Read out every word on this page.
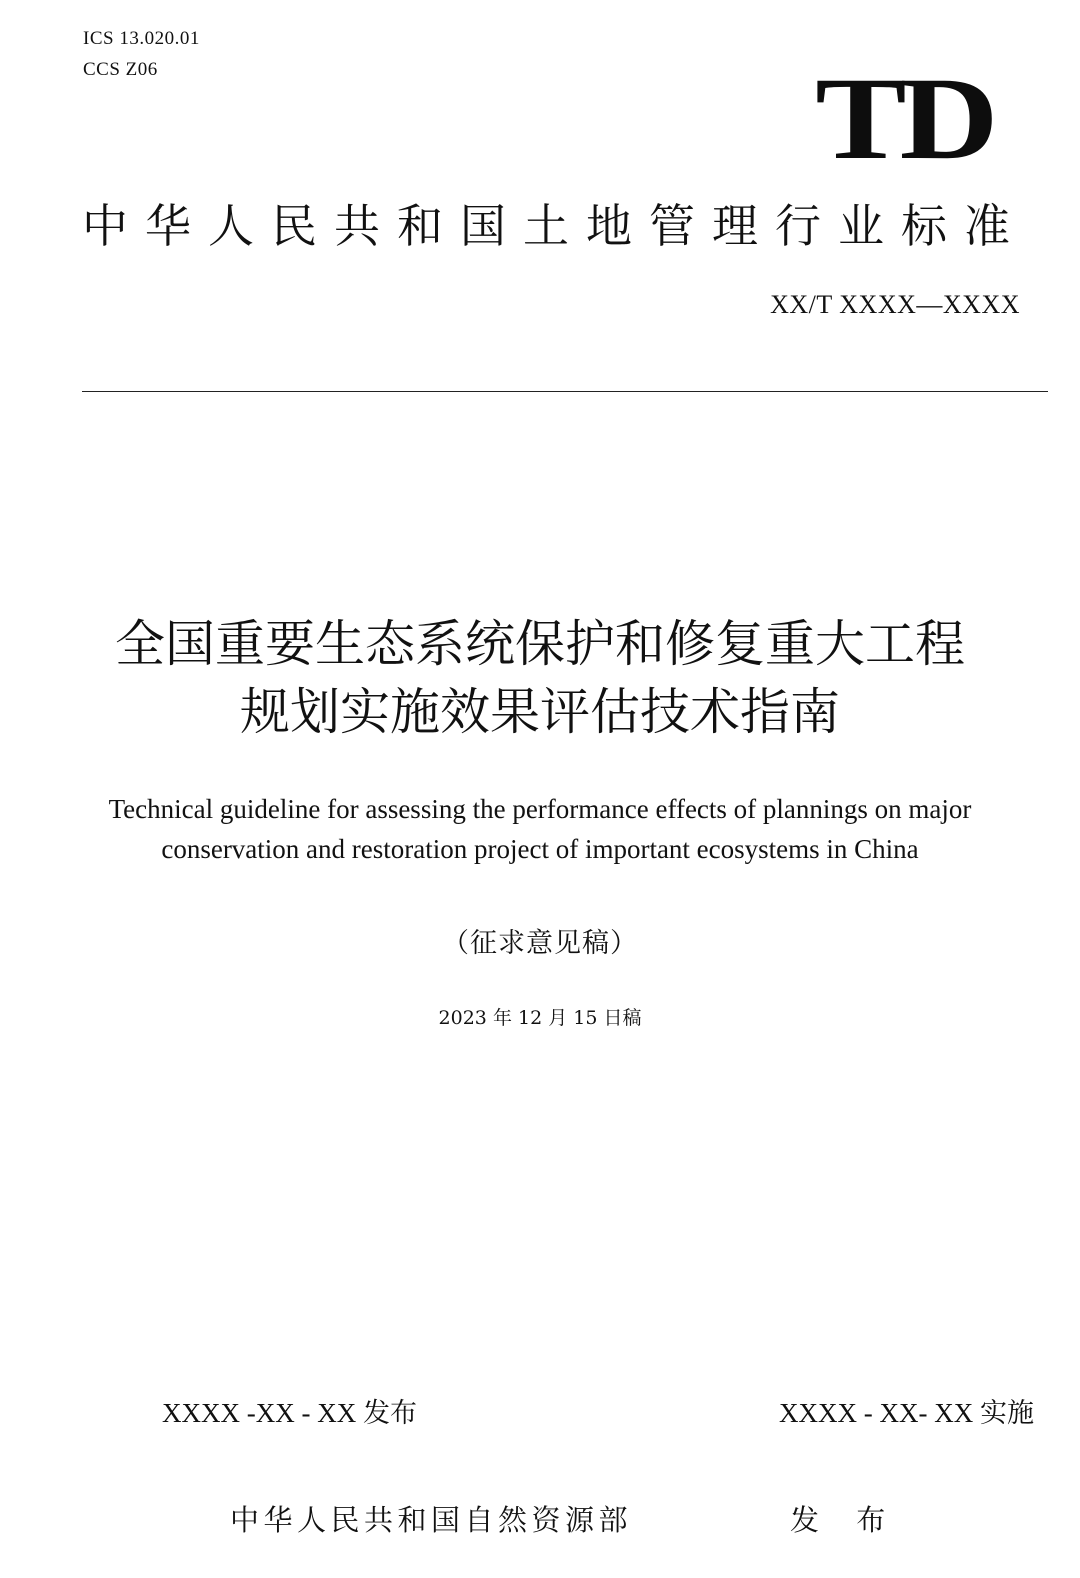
ICS 13.020.01
CCS Z06	TD
中华人民共和国土地管理行业标准
XX/T XXXX—XXXX
全国重要生态系统保护和修复重大工程
规划实施效果评估技术指南
Technical guideline for assessing the performance effects of plannings on major
conservation and restoration project of important ecosystems in China
（征求意见稿）
2023 年 12 月 15 日稿
XXXX -XX - XX 发布	XXXX - XX- XX 实施
中华人民共和国自然资源部	发 布
